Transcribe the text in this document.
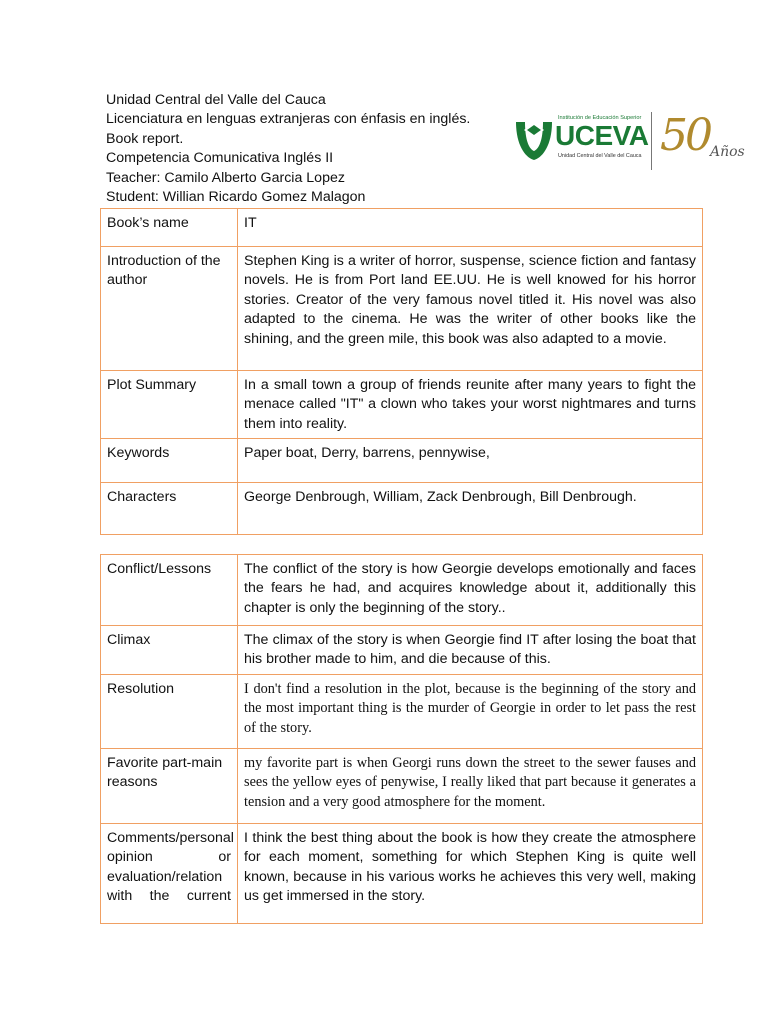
Unidad Central del Valle del Cauca
Licenciatura en lenguas extranjeras con énfasis en inglés.
Book report.
Competencia Comunicativa Inglés II
Teacher: Camilo Alberto Garcia Lopez
Student: Willian Ricardo Gomez Malagon
Institución de Educación Superior
UCEVA
Unidad Central del Valle del Cauca 50 Años
Book’s name	IT
Introduction of the author	Stephen King is a writer of horror, suspense, science fiction and fantasy novels. He is from Port land EE.UU. He is well knowed for his horror stories. Creator of the very famous novel titled it. His novel was also adapted to the cinema. He was the writer of other books like the shining, and the green mile, this book was also adapted to a movie.
Plot Summary	In a small town a group of friends reunite after many years to fight the menace called "IT" a clown who takes your worst nightmares and turns them into reality.
Keywords	Paper boat, Derry, barrens, pennywise,
Characters	George Denbrough, William, Zack Denbrough, Bill Denbrough.
Conflict/Lessons	The conflict of the story is how Georgie develops emotionally and faces the fears he had, and acquires knowledge about it, additionally this chapter is only the beginning of the story..
Climax	The climax of the story is when Georgie find IT after losing the boat that his brother made to him, and die because of this.
Resolution	I don't find a resolution in the plot, because is the beginning of the story and the most important thing is the murder of Georgie in order to let pass the rest of the story.
Favorite part-main reasons	my favorite part is when Georgi runs down the street to the sewer fauses and sees the yellow eyes of penywise, I really liked that part because it generates a tension and a very good atmosphere for the moment.
Comments/personal opinion or evaluation/relation with the current	I think the best thing about the book is how they create the atmosphere for each moment, something for which Stephen King is quite well known, because in his various works he achieves this very well, making us get immersed in the story.
